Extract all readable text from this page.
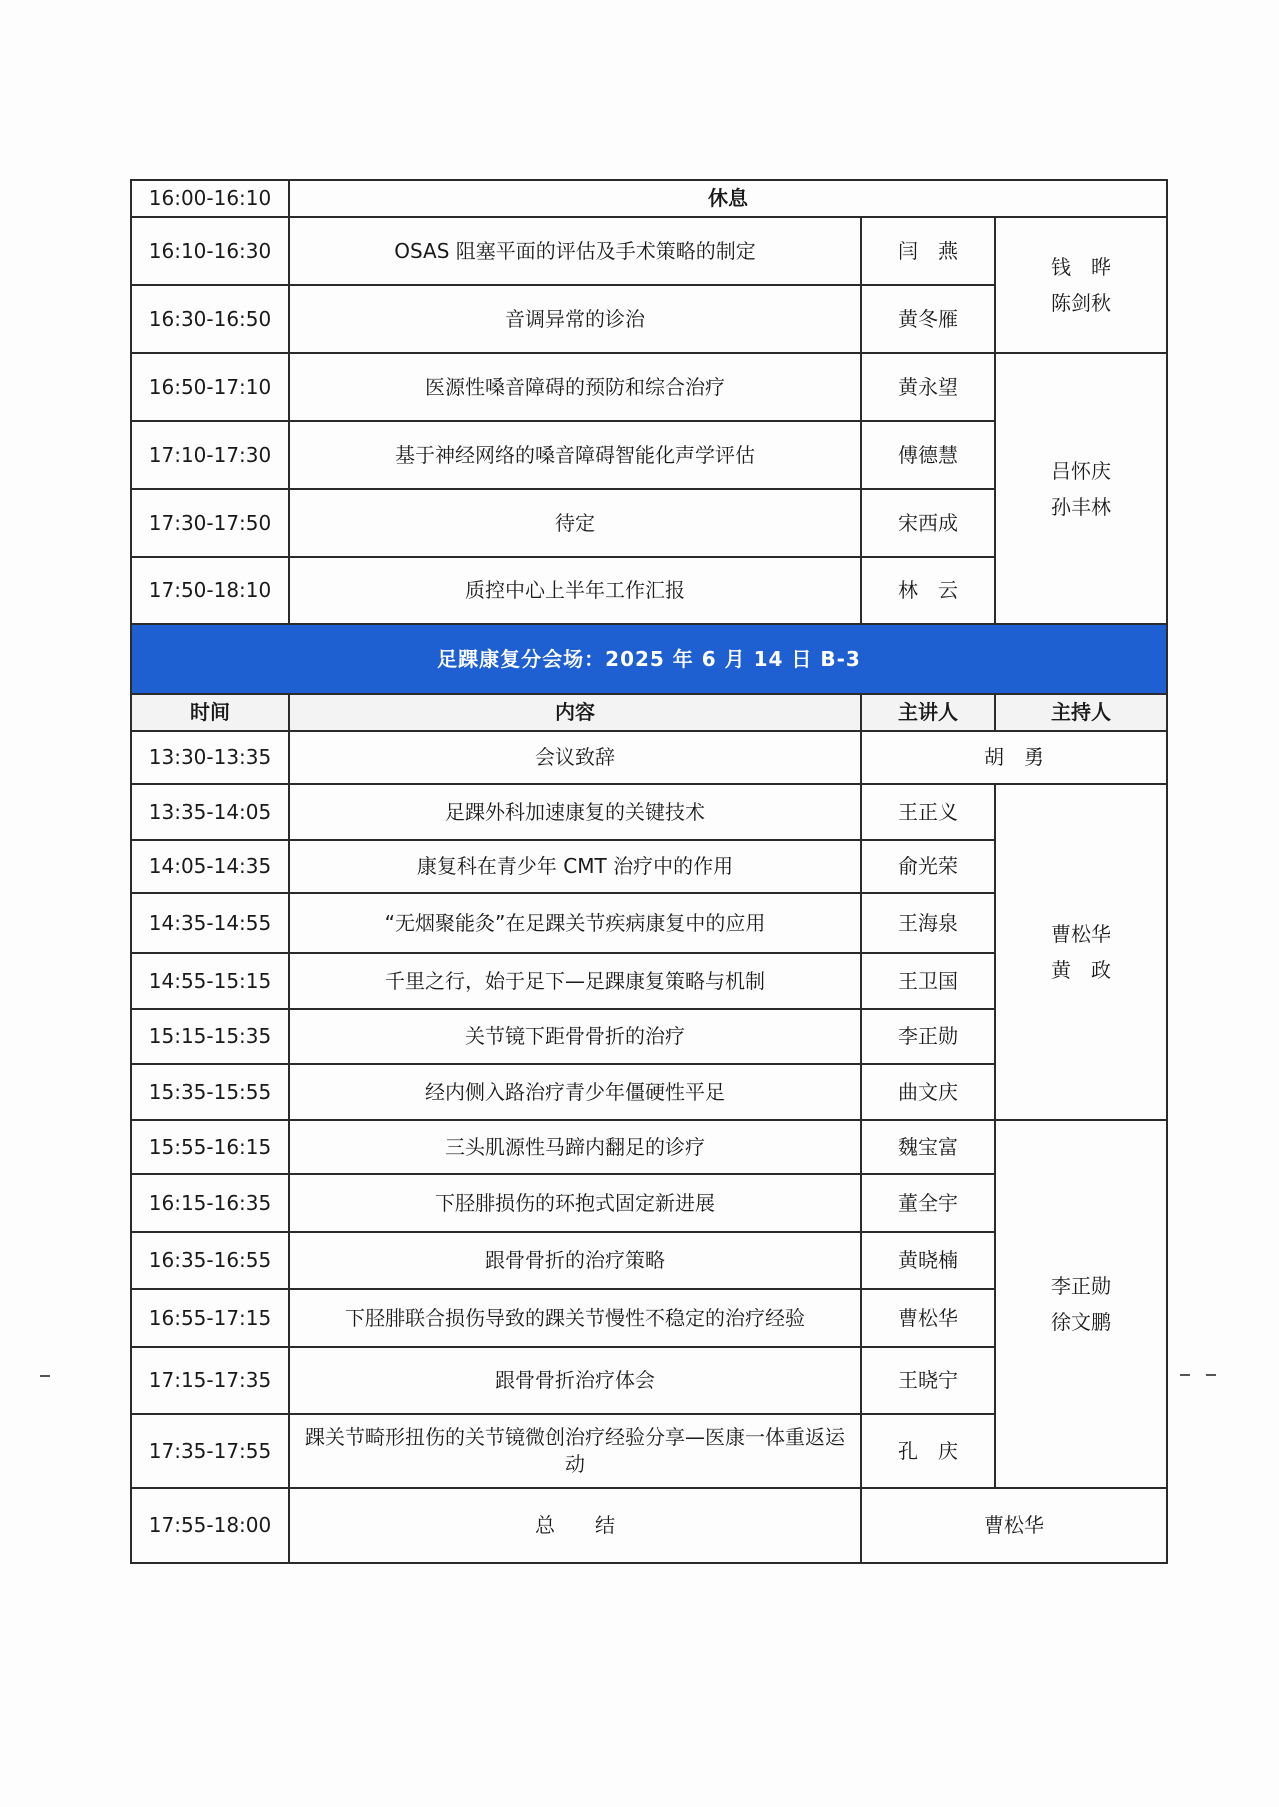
16:00-16:10	休息		
16:10-16:30	OSAS 阻塞平面的评估及手术策略的制定	闫　燕	钱　晔
陈剑秋

16:30-16:50	音调异常的诊治	黄冬雁	
16:50-17:10	医源性嗓音障碍的预防和综合治疗	黄永望	吕怀庆
孙丰林

17:10-17:30	基于神经网络的嗓音障碍智能化声学评估	傅德慧	
17:30-17:50	待定	宋西成	
17:50-18:10	质控中心上半年工作汇报	林　云	
足踝康复分会场：2025 年 6 月 14 日 B-3			
时间	内容	主讲人	主持人
13:30-13:35	会议致辞	胡　勇	
13:35-14:05	足踝外科加速康复的关键技术	王正义	曹松华
黄　政

14:05-14:35	康复科在青少年 CMT 治疗中的作用	俞光荣	
14:35-14:55	“无烟聚能灸”在足踝关节疾病康复中的应用	王海泉	
14:55-15:15	千里之行，始于足下—足踝康复策略与机制	王卫国	
15:15-15:35	关节镜下距骨骨折的治疗	李正勋	
15:35-15:55	经内侧入路治疗青少年僵硬性平足	曲文庆	
15:55-16:15	三头肌源性马蹄内翻足的诊疗	魏宝富	李正勋
徐文鹏

16:15-16:35	下胫腓损伤的环抱式固定新进展	董全宇	
16:35-16:55	跟骨骨折的治疗策略	黄晓楠	
16:55-17:15	下胫腓联合损伤导致的踝关节慢性不稳定的治疗经验	曹松华	
17:15-17:35	跟骨骨折治疗体会	王晓宁	
17:35-17:55	踝关节畸形扭伤的关节镜微创治疗经验分享—医康一体重返运动	孔　庆	
17:55-18:00	总　　结	曹松华	
